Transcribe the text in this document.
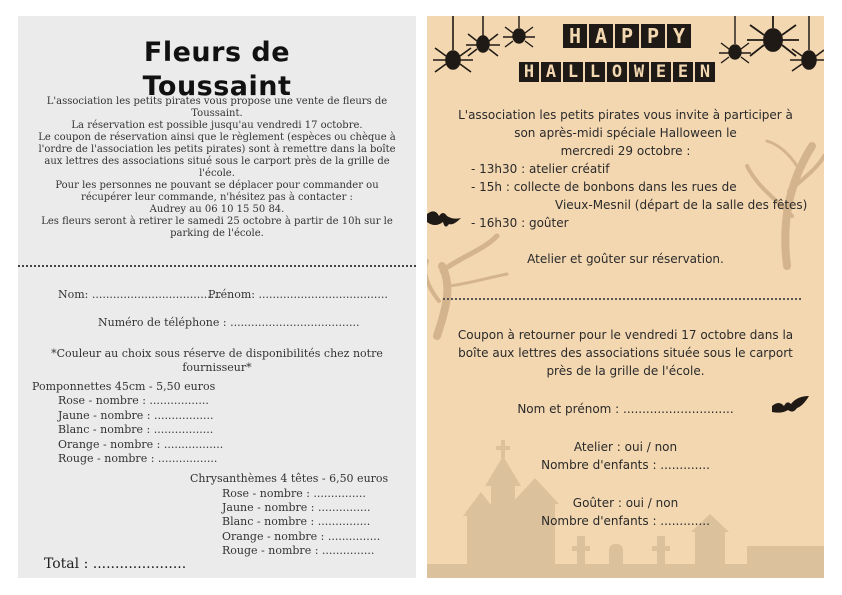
Fleurs de
Toussaint
L'association les petits pirates vous propose une vente de fleurs de
Toussaint.
La réservation est possible jusqu'au vendredi 17 octobre.
Le coupon de réservation ainsi que le règlement (espèces ou chèque à
l'ordre de l'association les petits pirates) sont à remettre dans la boîte
aux lettres des associations situé sous le carport près de la grille de
l'école.
Pour les personnes ne pouvant se déplacer pour commander ou
récupérer leur commande, n'hésitez pas à contacter :
Audrey au 06 10 15 50 84.
Les fleurs seront à retirer le samedi 25 octobre à partir de 10h sur le
parking de l'école.
Nom: .....................................
Prénom: .....................................
Numéro de téléphone : .....................................
*Couleur au choix sous réserve de disponibilités chez notre
fournisseur*
Pomponnettes 45cm - 5,50 euros
Rose - nombre : .................
Jaune - nombre : .................
Blanc - nombre : .................
Orange - nombre : .................
Rouge - nombre : .................
Chrysanthèmes 4 têtes - 6,50 euros
Rose - nombre : ...............
Jaune - nombre : ...............
Blanc - nombre : ...............
Orange - nombre : ...............
Rouge - nombre : ...............
Total : .....................
H A P P Y
H A L L O W E E N
L'association les petits pirates vous invite à participer à
son après-midi spéciale Halloween le
mercredi 29 octobre :
- 13h30 : atelier créatif
- 15h : collecte de bonbons dans les rues de
Vieux-Mesnil (départ de la salle des fêtes)
- 16h30 : goûter
Atelier et goûter sur réservation.
Coupon à retourner pour le vendredi 17 octobre dans la
boîte aux lettres des associations située sous le carport
près de la grille de l'école.
Nom et prénom : .............................
Atelier : oui / non
Nombre d'enfants : .............
Goûter : oui / non
Nombre d'enfants : .............
